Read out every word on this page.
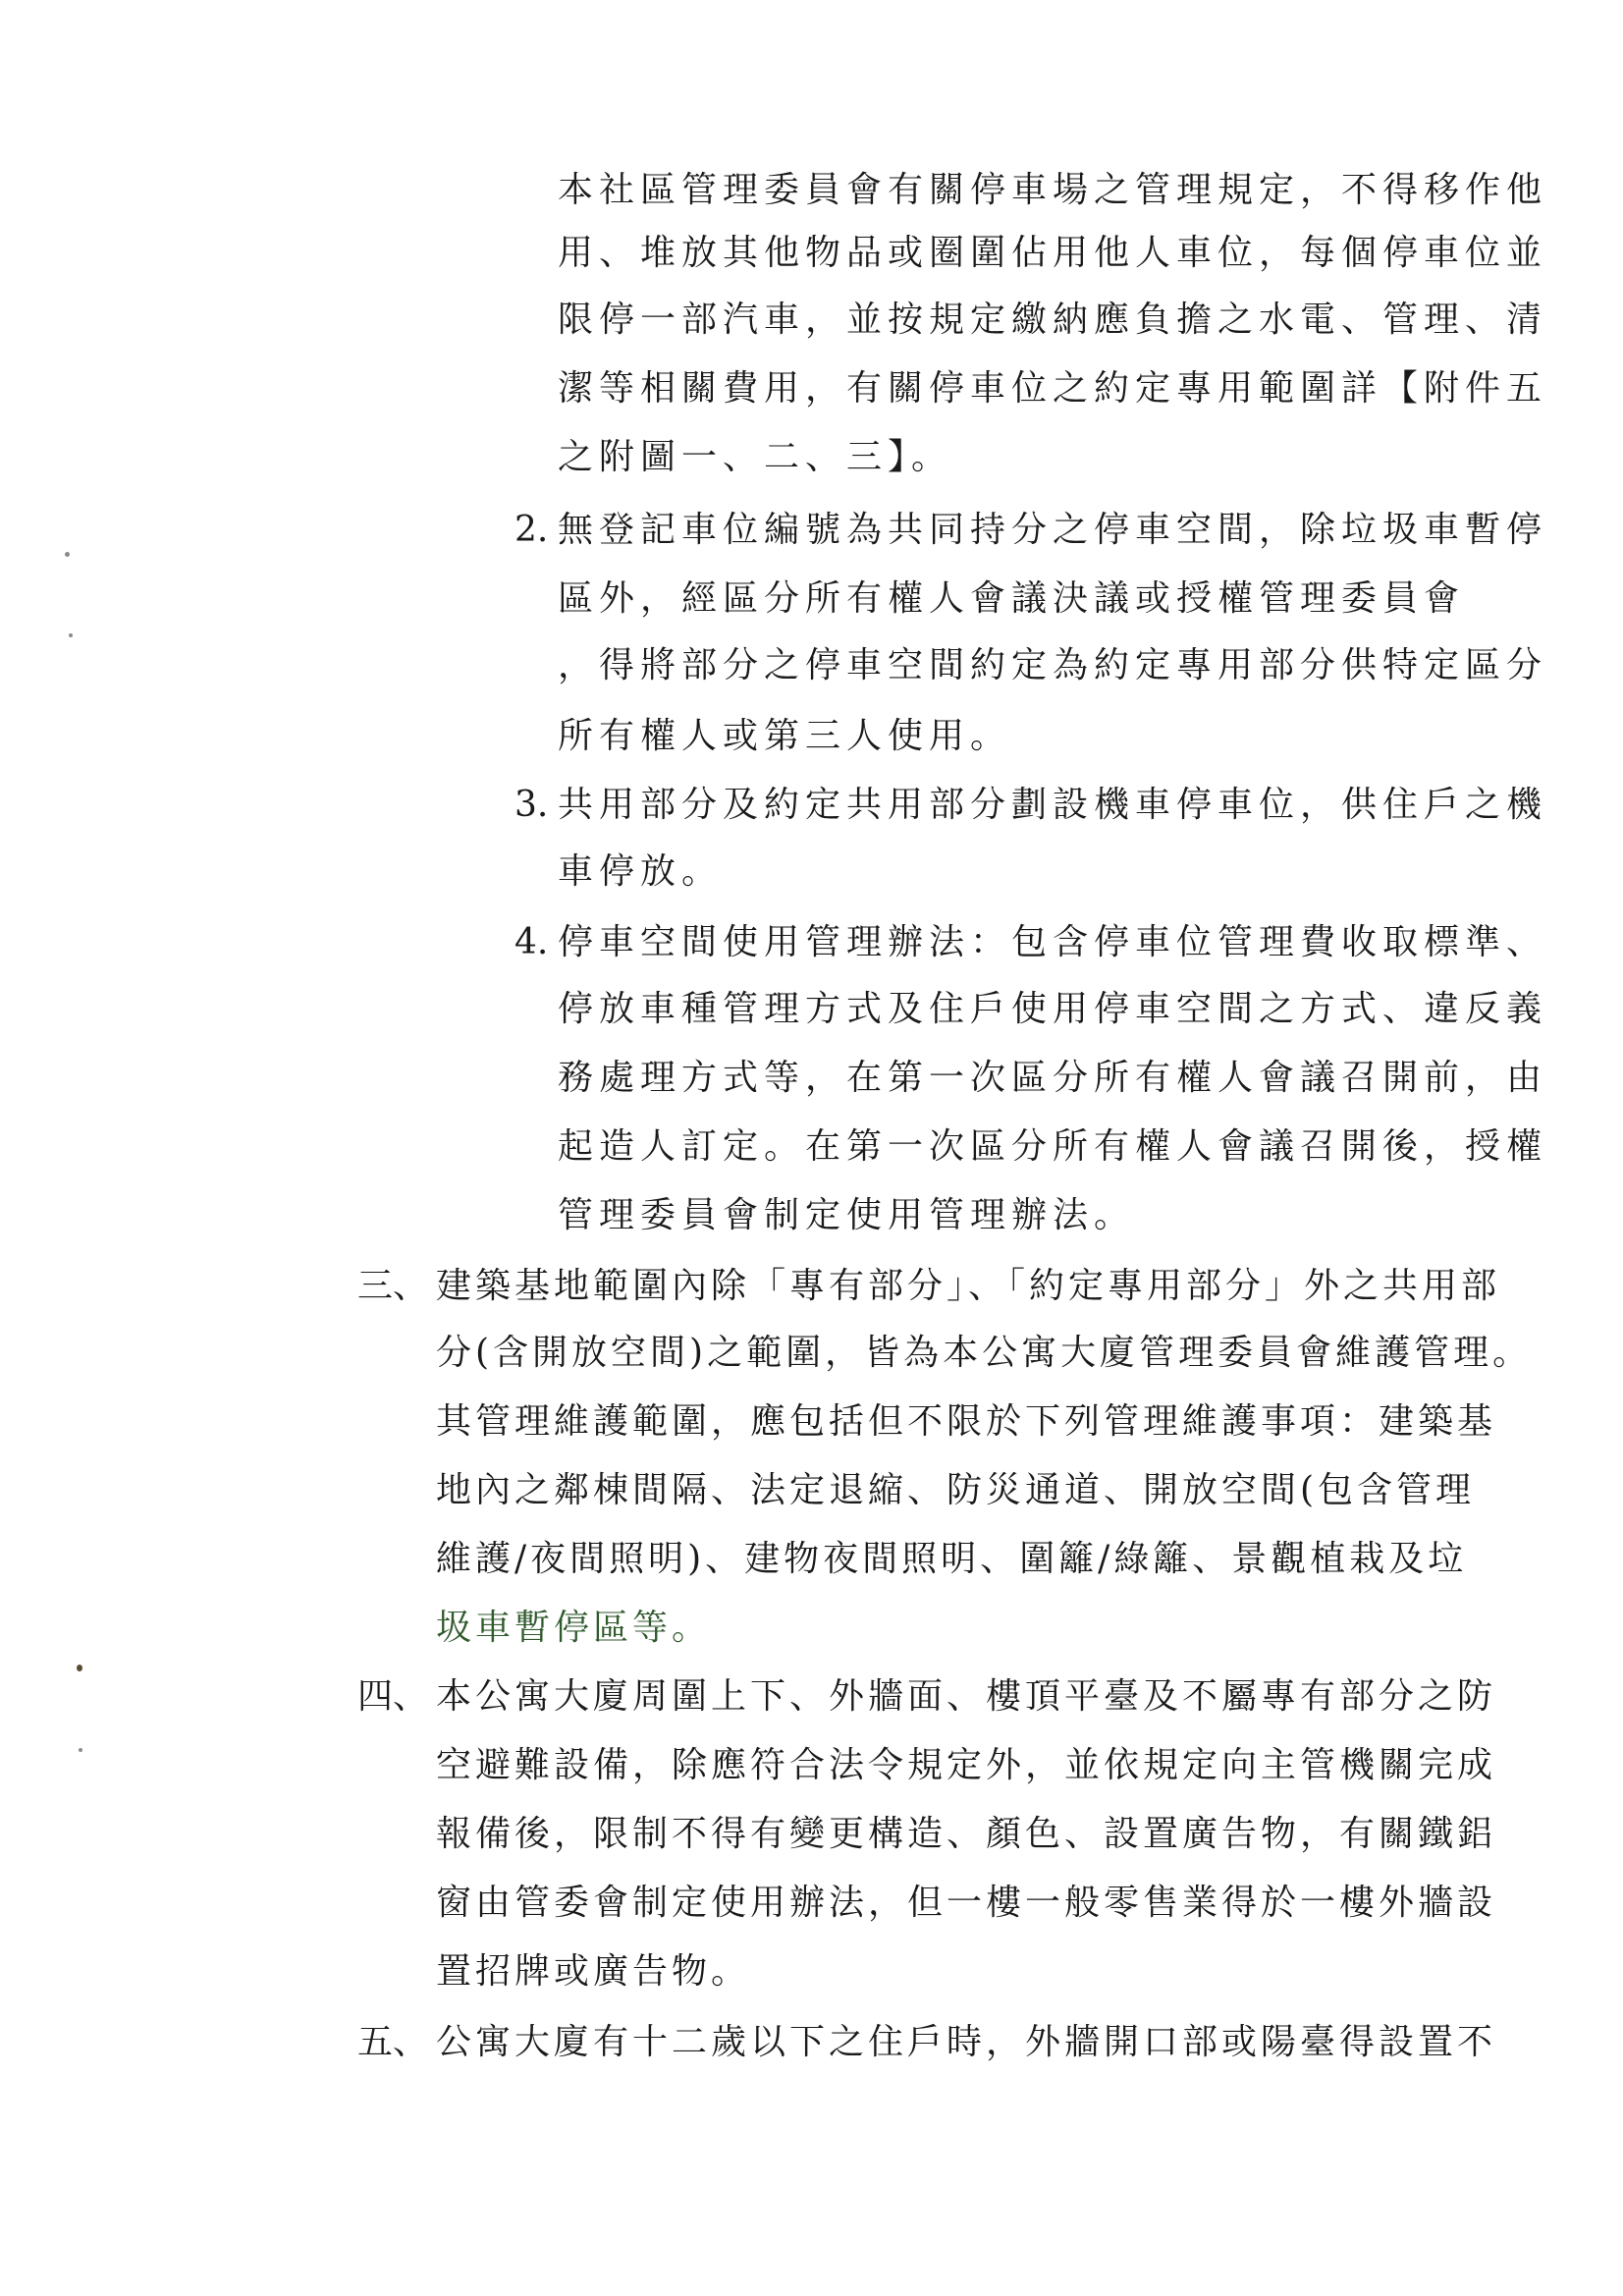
本社區管理委員會有關停車場之管理規定，不得移作他
用、堆放其他物品或圈圍佔用他人車位，每個停車位並
限停一部汽車，並按規定繳納應負擔之水電、管理、清
潔等相關費用，有關停車位之約定專用範圍詳【附件五
之附圖一、二、三】。
2. 無登記車位編號為共同持分之停車空間，除垃圾車暫停
區外，經區分所有權人會議決議或授權管理委員會
，得將部分之停車空間約定為約定專用部分供特定區分
所有權人或第三人使用。
3. 共用部分及約定共用部分劃設機車停車位，供住戶之機
車停放。
4. 停車空間使用管理辦法：包含停車位管理費收取標準、
停放車種管理方式及住戶使用停車空間之方式、違反義
務處理方式等，在第一次區分所有權人會議召開前，由
起造人訂定。在第一次區分所有權人會議召開後，授權
管理委員會制定使用管理辦法。
三、 建築基地範圍內除「專有部分」、「約定專用部分」外之共用部
分(含開放空間)之範圍，皆為本公寓大廈管理委員會維護管理。
其管理維護範圍，應包括但不限於下列管理維護事項：建築基
地內之鄰棟間隔、法定退縮、防災通道、開放空間(包含管理
維護/夜間照明)、建物夜間照明、圍籬/綠籬、景觀植栽及垃
圾車暫停區等。
四、 本公寓大廈周圍上下、外牆面、樓頂平臺及不屬專有部分之防
空避難設備，除應符合法令規定外，並依規定向主管機關完成
報備後，限制不得有變更構造、顏色、設置廣告物，有關鐵鋁
窗由管委會制定使用辦法，但一樓一般零售業得於一樓外牆設
置招牌或廣告物。
五、 公寓大廈有十二歲以下之住戶時，外牆開口部或陽臺得設置不
